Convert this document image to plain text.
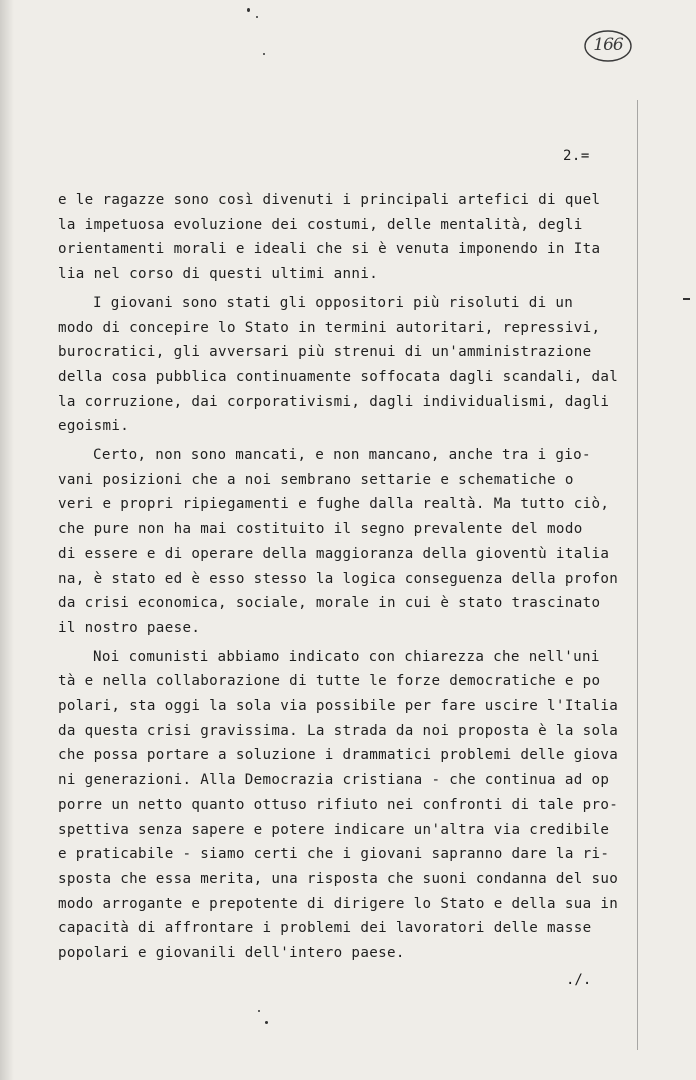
166
2.=
e le ragazze sono così divenuti i principali artefici di quel
la impetuosa evoluzione dei costumi, delle mentalità, degli
orientamenti morali e ideali che si è venuta imponendo in Ita
lia nel corso di questi ultimi anni.
I giovani sono stati gli oppositori più risoluti di un
modo di concepire lo Stato in termini autoritari, repressivi,
burocratici, gli avversari più strenui di un'amministrazione
della cosa pubblica continuamente soffocata dagli scandali, dal
la corruzione, dai corporativismi, dagli individualismi, dagli
egoismi.
Certo, non sono mancati, e non mancano, anche tra i gio-
vani posizioni che a noi sembrano settarie e schematiche o
veri e propri ripiegamenti e fughe dalla realtà. Ma tutto ciò,
che pure non ha mai costituito il segno prevalente del modo
di essere e di operare della maggioranza della gioventù italia
na, è stato ed è esso stesso la logica conseguenza della profon
da crisi economica, sociale, morale in cui è stato trascinato
il nostro paese.
Noi comunisti abbiamo indicato con chiarezza che nell'uni
tà e nella collaborazione di tutte le forze democratiche e po
polari, sta oggi la sola via possibile per fare uscire l'Italia
da questa crisi gravissima. La strada da noi proposta è la sola
che possa portare a soluzione i drammatici problemi delle giova
ni generazioni. Alla Democrazia cristiana - che continua ad op
porre un netto quanto ottuso rifiuto nei confronti di tale pro-
spettiva senza sapere e potere indicare un'altra via credibile
e praticabile - siamo certi che i giovani sapranno dare la ri-
sposta che essa merita, una risposta che suoni condanna del suo
modo arrogante e prepotente di dirigere lo Stato e della sua in
capacità di affrontare i problemi dei lavoratori delle masse
popolari e giovanili dell'intero paese.
./.
